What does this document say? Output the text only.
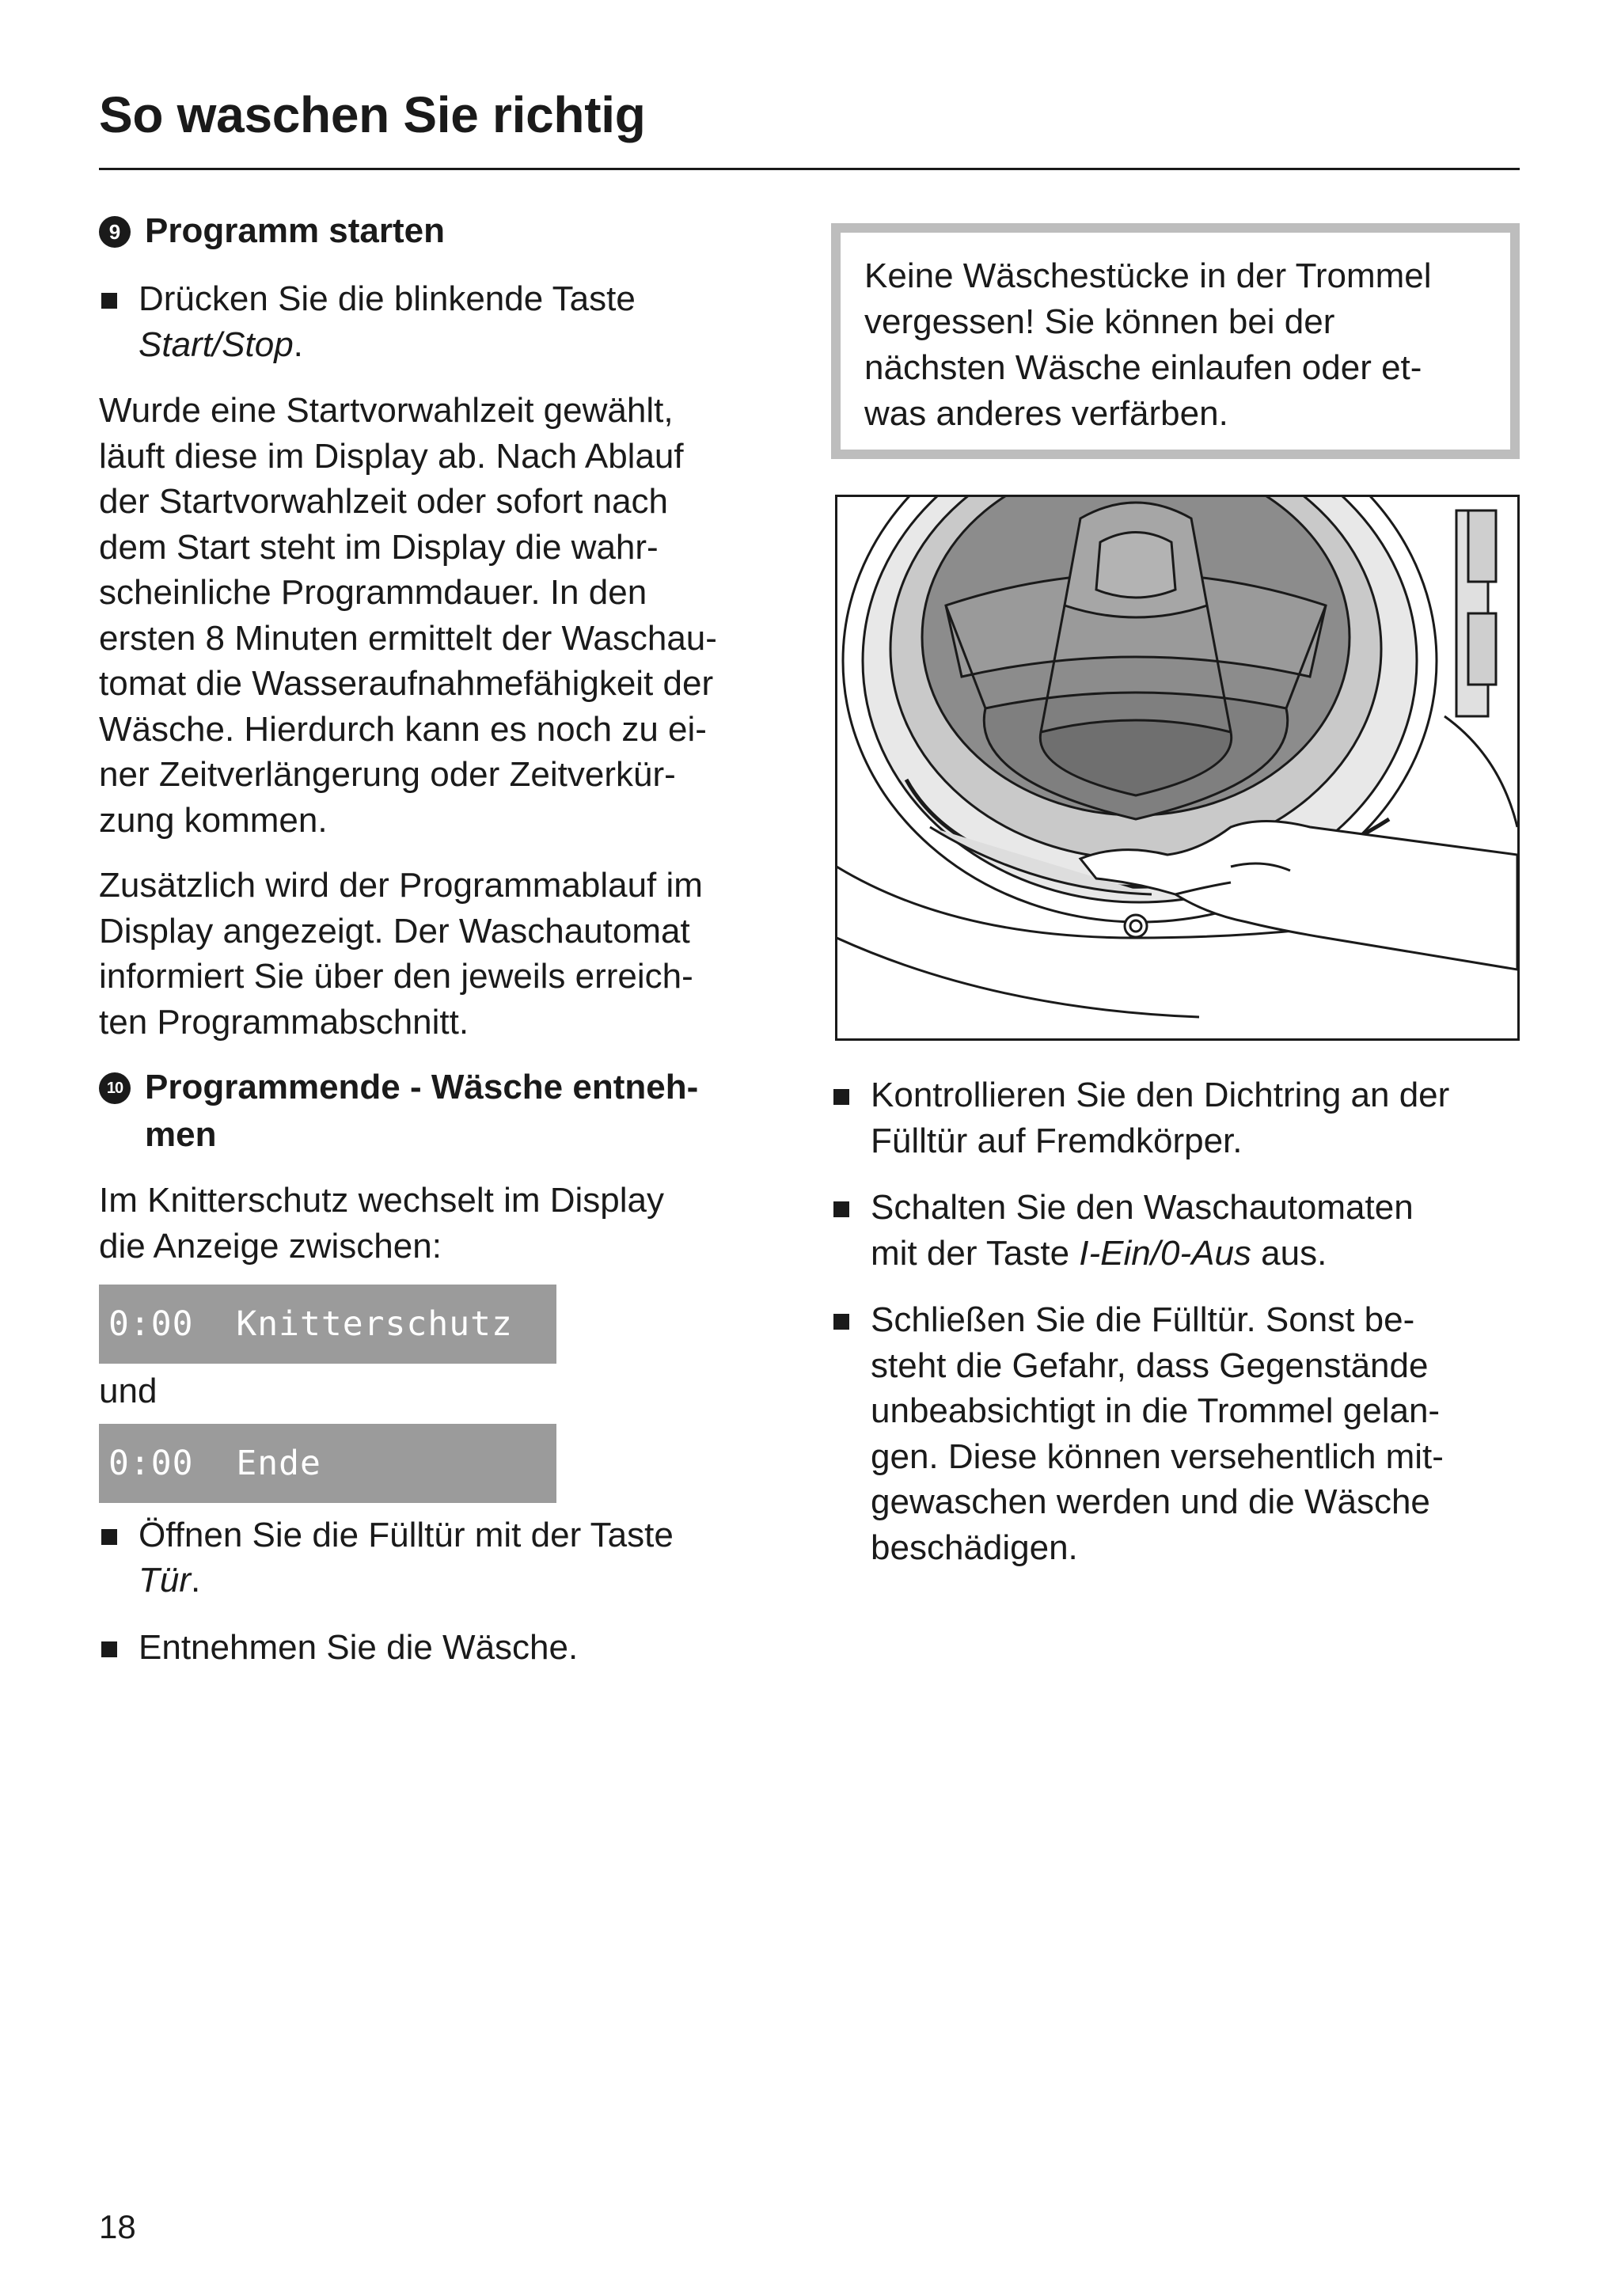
So waschen Sie richtig
9 Programm starten
Drücken Sie die blinkende Taste
Start/Stop.
Wurde eine Startvorwahlzeit gewählt,
läuft diese im Display ab. Nach Ablauf
der Startvorwahlzeit oder sofort nach
dem Start steht im Display die wahr-
scheinliche Programmdauer. In den
ersten 8 Minuten ermittelt der Waschau-
tomat die Wasseraufnahmefähigkeit der
Wäsche. Hierdurch kann es noch zu ei-
ner Zeitverlängerung oder Zeitverkür-
zung kommen.
Zusätzlich wird der Programmablauf im
Display angezeigt. Der Waschautomat
informiert Sie über den jeweils erreich-
ten Programmabschnitt.
10 Programmende - Wäsche entneh-
men
Im Knitterschutz wechselt im Display
die Anzeige zwischen:
0:00  Knitterschutz
und
0:00  Ende
Öffnen Sie die Fülltür mit der Taste
Tür.
Entnehmen Sie die Wäsche.
Keine Wäschestücke in der Trommel
vergessen! Sie können bei der
nächsten Wäsche einlaufen oder et-
was anderes verfärben.
Kontrollieren Sie den Dichtring an der
Fülltür auf Fremdkörper.
Schalten Sie den Waschautomaten
mit der Taste I-Ein/0-Aus aus.
Schließen Sie die Fülltür. Sonst be-
steht die Gefahr, dass Gegenstände
unbeabsichtigt in die Trommel gelan-
gen. Diese können versehentlich mit-
gewaschen werden und die Wäsche
beschädigen.
18
